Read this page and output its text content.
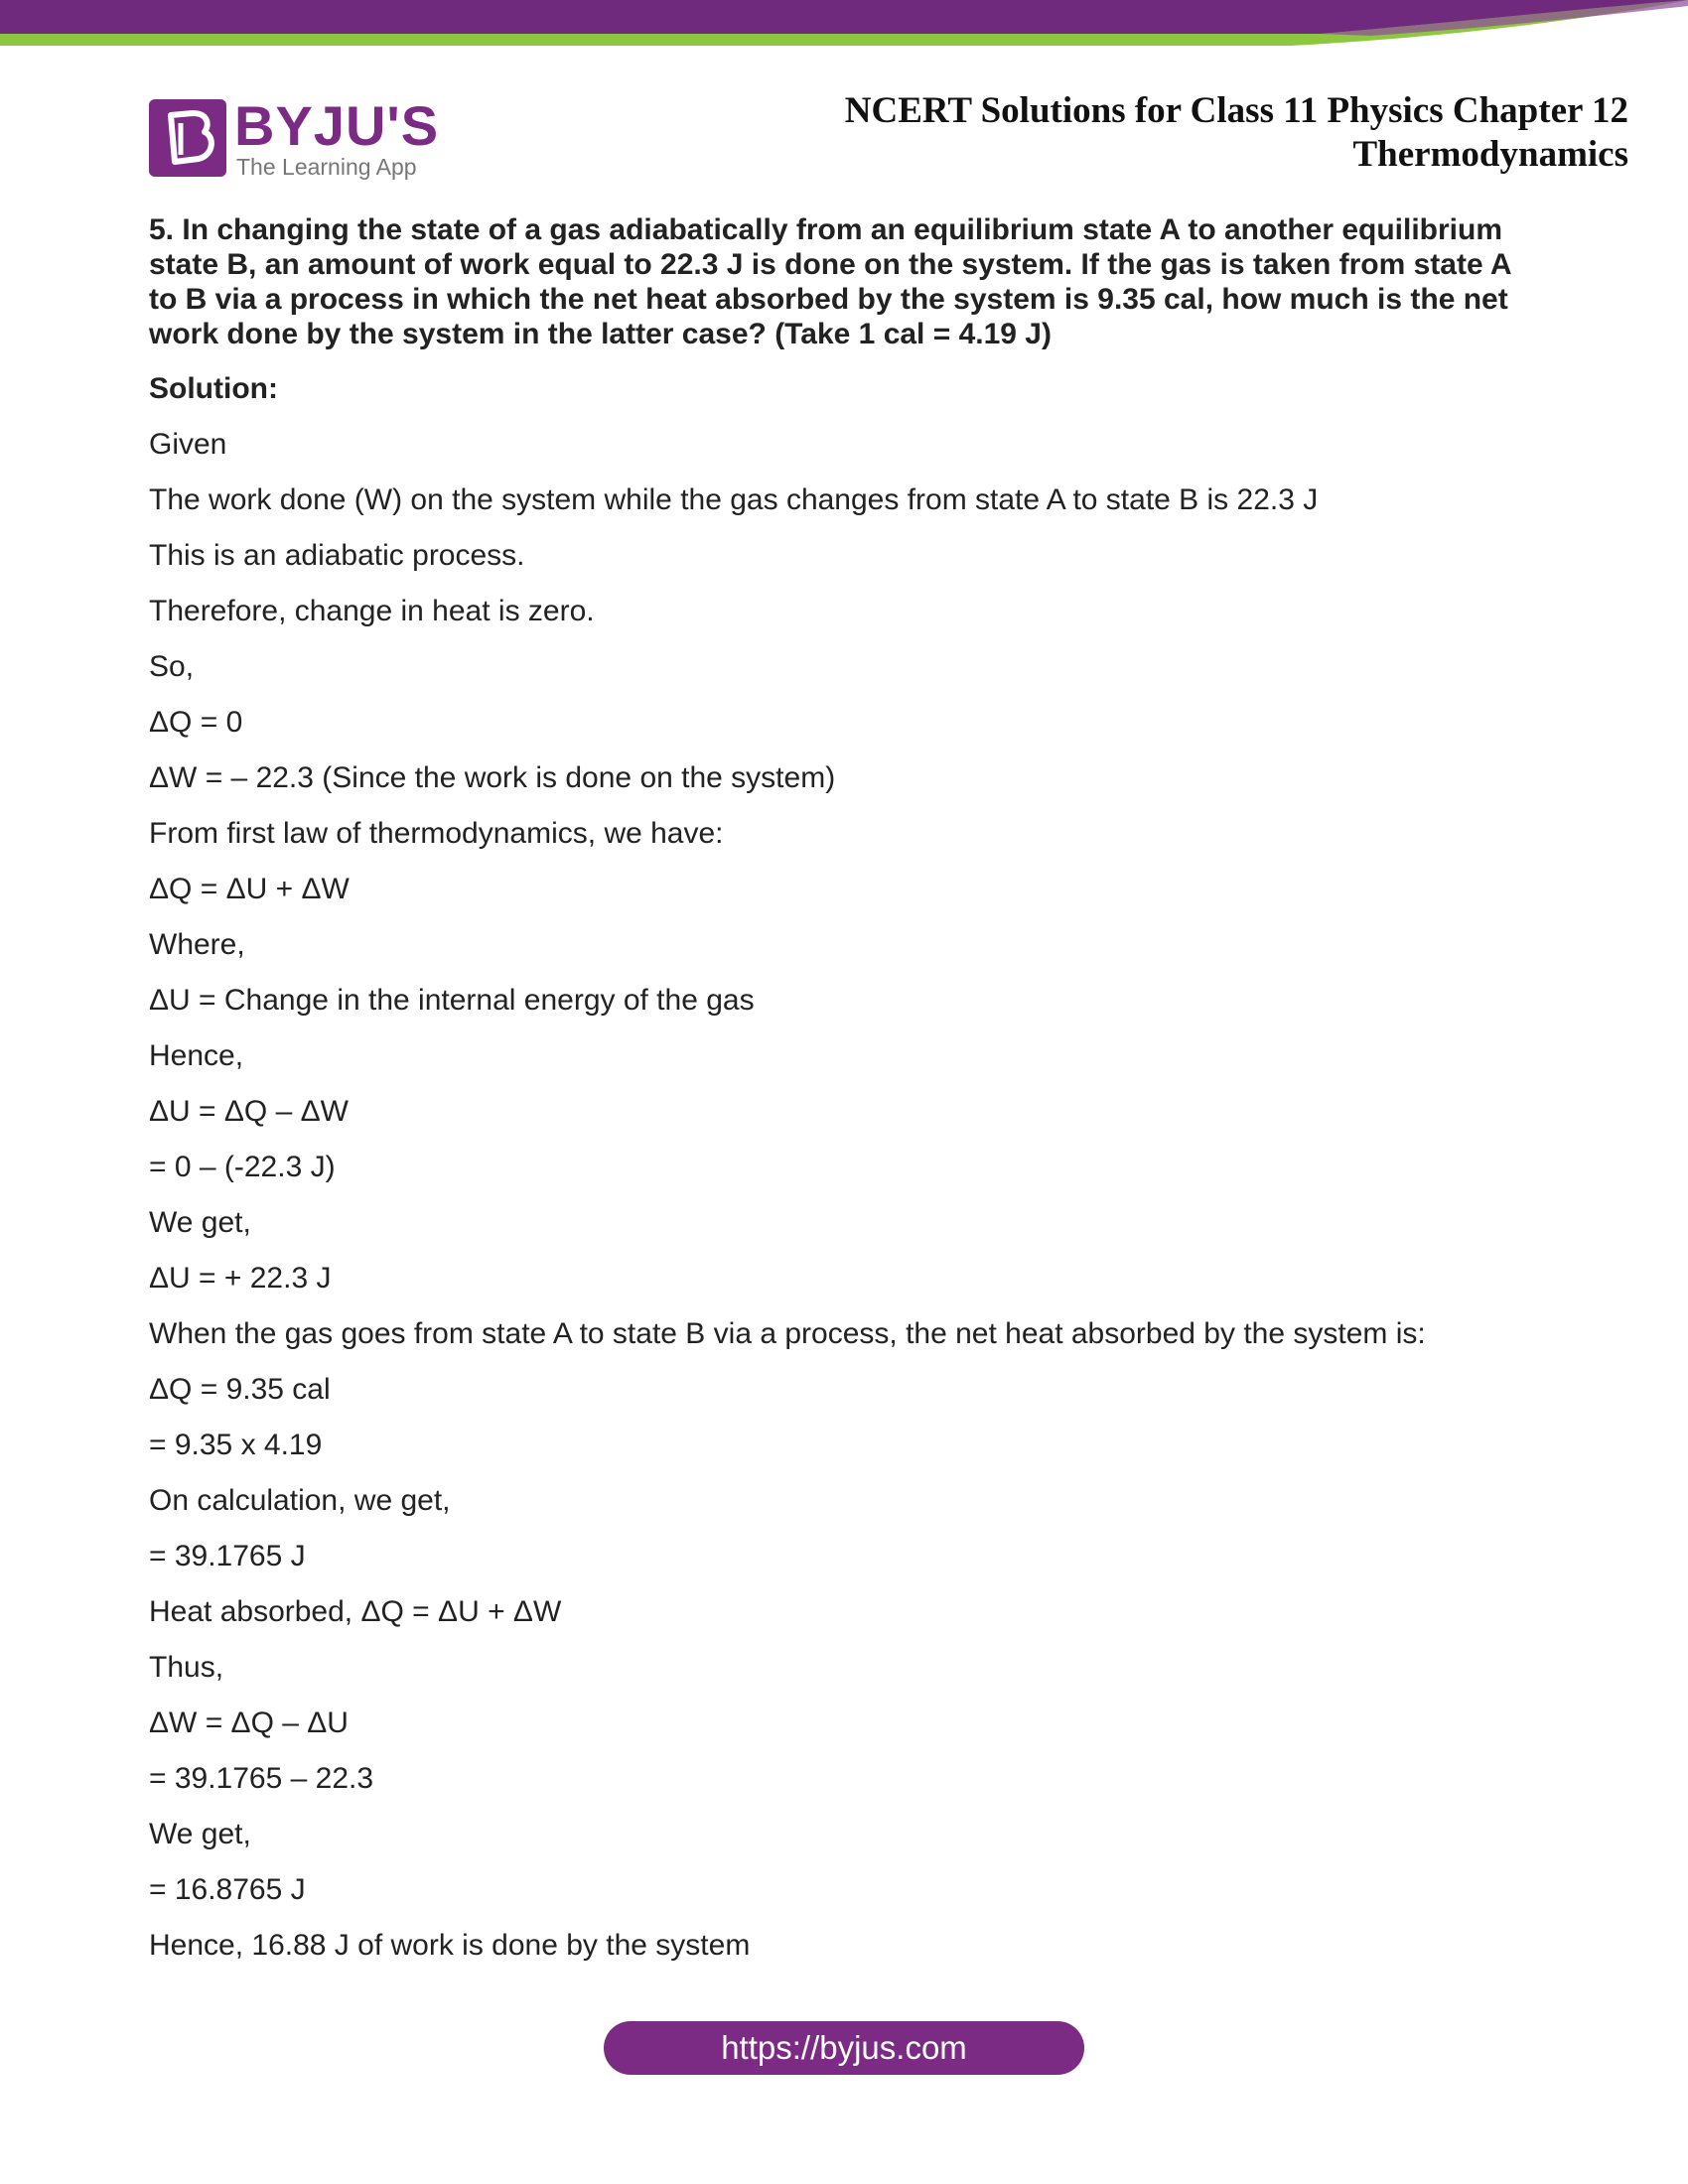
BYJU'S
The Learning App
NCERT Solutions for Class 11 Physics Chapter 12
Thermodynamics
5. In changing the state of a gas adiabatically from an equilibrium state A to another equilibrium state B, an amount of work equal to 22.3 J is done on the system. If the gas is taken from state A to B via a process in which the net heat absorbed by the system is 9.35 cal, how much is the net work done by the system in the latter case? (Take 1 cal = 4.19 J)
Solution:
Given
The work done (W) on the system while the gas changes from state A to state B is 22.3 J
This is an adiabatic process.
Therefore, change in heat is zero.
So,
ΔQ = 0
ΔW = – 22.3 (Since the work is done on the system)
From first law of thermodynamics, we have:
ΔQ = ΔU + ΔW
Where,
ΔU = Change in the internal energy of the gas
Hence,
ΔU = ΔQ – ΔW
= 0 – (-22.3 J)
We get,
ΔU = + 22.3 J
When the gas goes from state A to state B via a process, the net heat absorbed by the system is:
ΔQ = 9.35 cal
= 9.35 x 4.19
On calculation, we get,
= 39.1765 J
Heat absorbed, ΔQ = ΔU + ΔW
Thus,
ΔW = ΔQ – ΔU
= 39.1765 – 22.3
We get,
= 16.8765 J
Hence, 16.88 J of work is done by the system
https://byjus.com
